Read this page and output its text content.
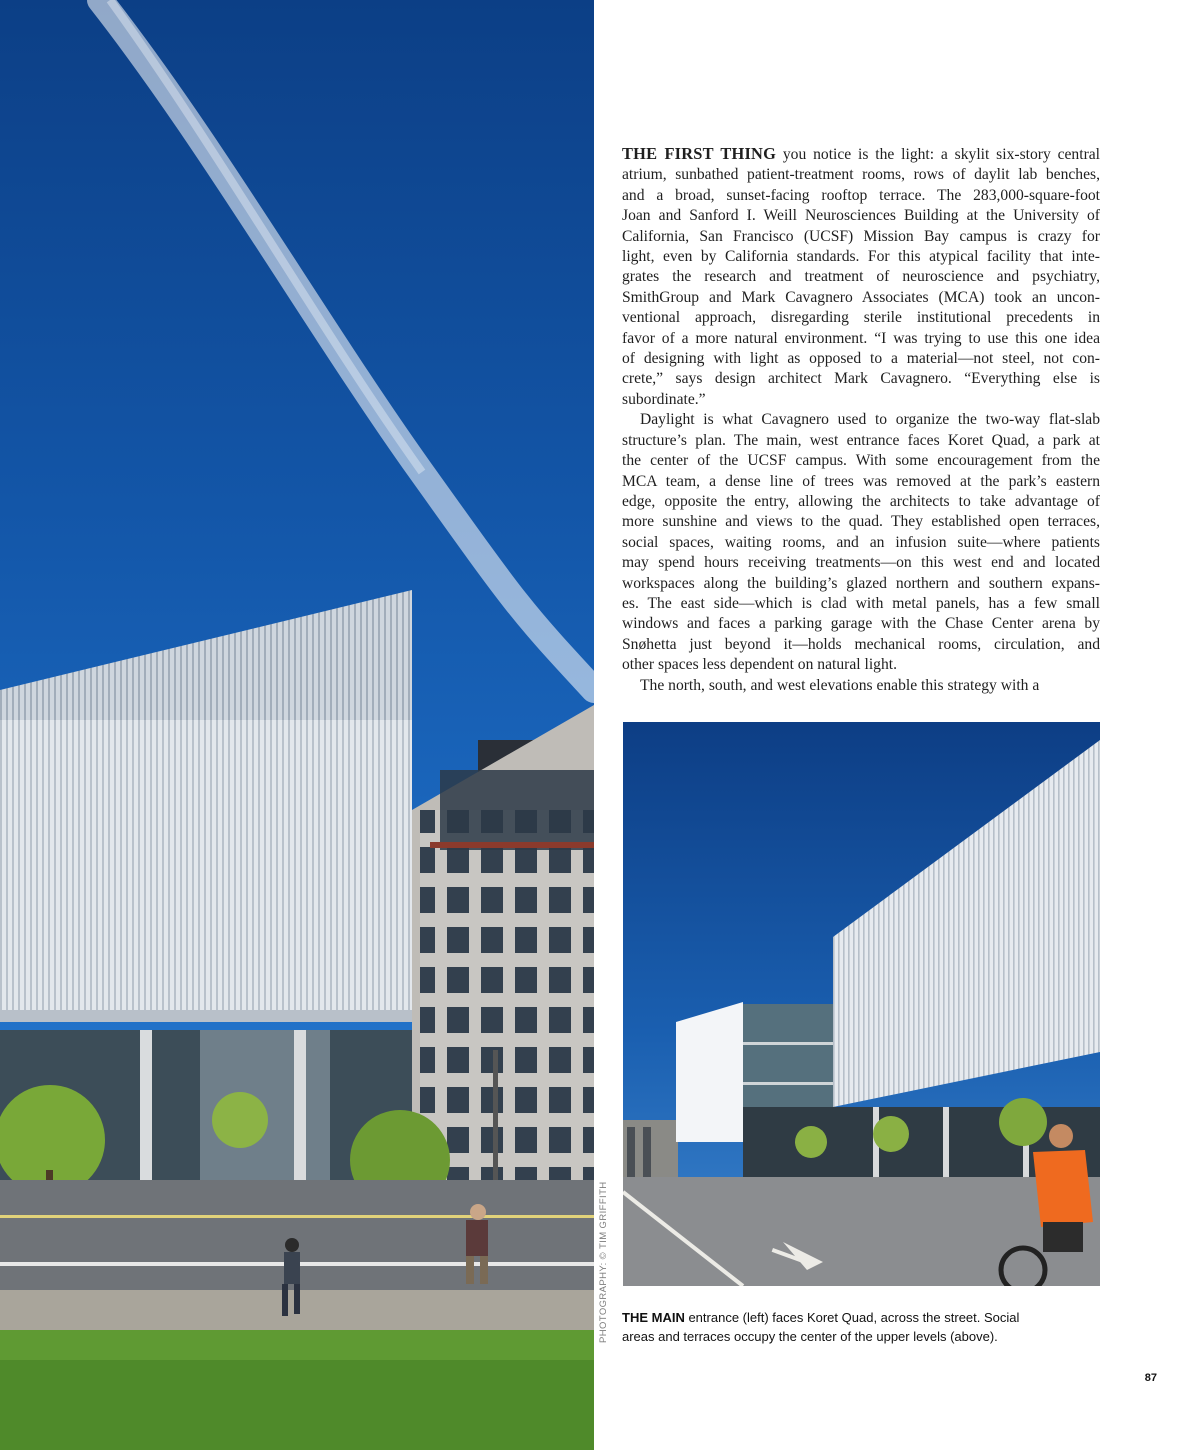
PHOTOGRAPHY: © TIM GRIFFITH
THE FIRST THING you notice is the light: a skylit six-story central
atrium, sunbathed patient-treatment rooms, rows of daylit lab benches,
and a broad, sunset-facing rooftop terrace. The 283,000-square-foot
Joan and Sanford I. Weill Neurosciences Building at the University of
California, San Francisco (UCSF) Mission Bay campus is crazy for
light, even by California standards. For this atypical facility that inte-
grates the research and treatment of neuroscience and psychiatry,
SmithGroup and Mark Cavagnero Associates (MCA) took an uncon-
ventional approach, disregarding sterile institutional precedents in
favor of a more natural environment. “I was trying to use this one idea
of designing with light as opposed to a material—not steel, not con-
crete,” says design architect Mark Cavagnero. “Everything else is
subordinate.”
Daylight is what Cavagnero used to organize the two-way flat-slab
structure’s plan. The main, west entrance faces Koret Quad, a park at
the center of the UCSF campus. With some encouragement from the
MCA team, a dense line of trees was removed at the park’s eastern
edge, opposite the entry, allowing the architects to take advantage of
more sunshine and views to the quad. They established open terraces,
social spaces, waiting rooms, and an infusion suite—where patients
may spend hours receiving treatments—on this west end and located
workspaces along the building’s glazed northern and southern expans-
es. The east side—which is clad with metal panels, has a few small
windows and faces a parking garage with the Chase Center arena by
Snøhetta just beyond it—holds mechanical rooms, circulation, and
other spaces less dependent on natural light.
The north, south, and west elevations enable this strategy with a
THE MAIN entrance (left) faces Koret Quad, across the street. Social
areas and terraces occupy the center of the upper levels (above).
87
